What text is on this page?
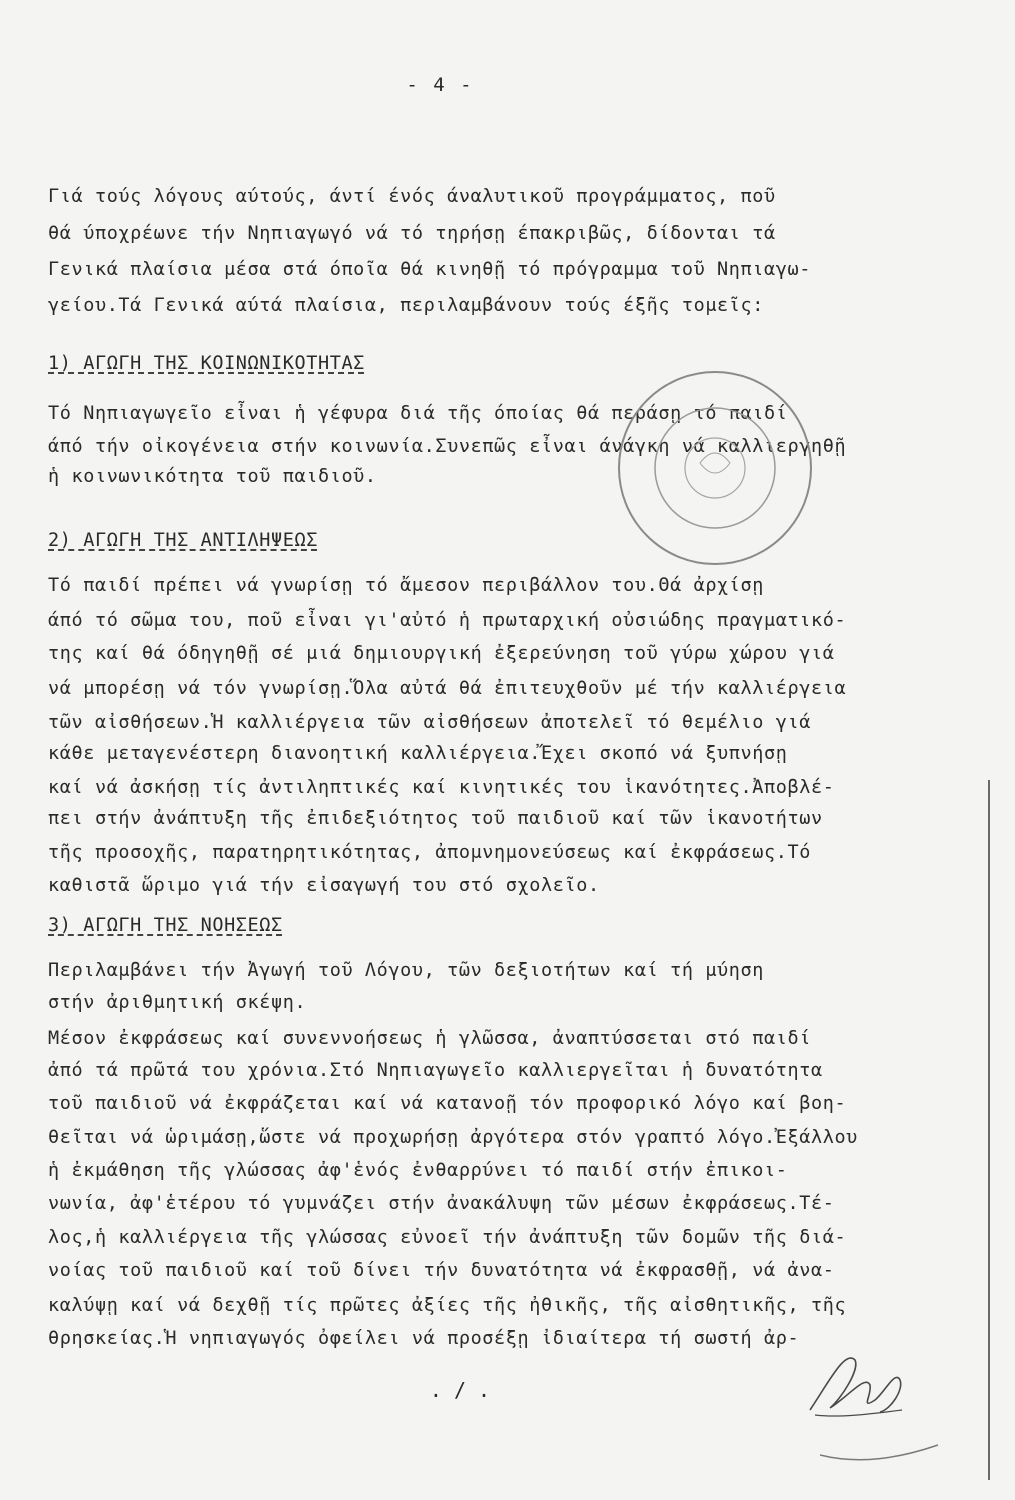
- 4 -
Γιά τούς λόγους αύτούς, άντί ένός άναλυτικοῦ προγράμματος, ποῦ
θά ύποχρέωνε τήν Νηπιαγωγό νά τό τηρήσῃ έπακριβῶς, δίδονται τά
Γενικά πλαίσια μέσα στά όποῖα θά κινηθῇ τό πρόγραμμα τοῦ Νηπιαγω-
γείου.Τά Γενικά αύτά πλαίσια, περιλαμβάνουν τούς έξῆς τομεῖς:
1) ΑΓΩΓΗ ΤΗΣ ΚΟΙΝΩΝΙΚΟΤΗΤΑΣ
Τό Νηπιαγωγεῖο εἶναι ἡ γέφυρα διά τῆς όποίας θά περάσῃ τό παιδί
άπό τήν οἰκογένεια στήν κοινωνία.Συνεπῶς εἶναι άνάγκη νά καλλιεργηθῇ
ἡ κοινωνικότητα τοῦ παιδιοῦ.
2) ΑΓΩΓΗ ΤΗΣ ΑΝΤΙΛΗΨΕΩΣ
Τό παιδί πρέπει νά γνωρίσῃ τό ἄμεσον περιβάλλον του.Θά ἀρχίσῃ
άπό τό σῶμα του, ποῦ εἶναι γι'αὐτό ἡ πρωταρχική οὐσιώδης πραγματικό-
της καί θά όδηγηθῇ σέ μιά δημιουργική ἐξερεύνηση τοῦ γύρω χώρου γιά
νά μπορέσῃ νά τόν γνωρίσῃ.Ὅλα αὐτά θά ἐπιτευχθοῦν μέ τήν καλλιέργεια
τῶν αἰσθήσεων.Ἡ καλλιέργεια τῶν αἰσθήσεων ἀποτελεῖ τό θεμέλιο γιά
κάθε μεταγενέστερη διανοητική καλλιέργεια.Ἔχει σκοπό νά ξυπνήσῃ
καί νά ἀσκήσῃ τίς ἀντιληπτικές καί κινητικές του ἱκανότητες.Ἀποβλέ-
πει στήν ἀνάπτυξη τῆς ἐπιδεξιότητος τοῦ παιδιοῦ καί τῶν ἱκανοτήτων
τῆς προσοχῆς, παρατηρητικότητας, ἀπομνημονεύσεως καί ἐκφράσεως.Τό
καθιστᾶ ὥριμο γιά τήν εἰσαγωγή του στό σχολεῖο.
3) ΑΓΩΓΗ ΤΗΣ ΝΟΗΣΕΩΣ
Περιλαμβάνει τήν Ἀγωγή τοῦ Λόγου, τῶν δεξιοτήτων καί τή μύηση
στήν ἀριθμητική σκέψη.
Μέσον ἐκφράσεως καί συνεννοήσεως ἡ γλῶσσα, ἀναπτύσσεται στό παιδί
ἀπό τά πρῶτά του χρόνια.Στό Νηπιαγωγεῖο καλλιεργεῖται ἡ δυνατότητα
τοῦ παιδιοῦ νά ἐκφράζεται καί νά κατανοῇ τόν προφορικό λόγο καί βοη-
θεῖται νά ὡριμάσῃ,ὥστε νά προχωρήσῃ ἀργότερα στόν γραπτό λόγο.Ἐξάλλου
ἡ ἐκμάθηση τῆς γλώσσας ἀφ'ἑνός ἐνθαρρύνει τό παιδί στήν ἐπικοι-
νωνία, ἀφ'ἑτέρου τό γυμνάζει στήν ἀνακάλυψη τῶν μέσων ἐκφράσεως.Τέ-
λος,ἡ καλλιέργεια τῆς γλώσσας εὐνοεῖ τήν ἀνάπτυξη τῶν δομῶν τῆς διά-
νοίας τοῦ παιδιοῦ καί τοῦ δίνει τήν δυνατότητα νά ἐκφρασθῇ, νά ἀνα-
καλύψῃ καί νά δεχθῇ τίς πρῶτες ἀξίες τῆς ἠθικῆς, τῆς αἰσθητικῆς, τῆς
θρησκείας.Ἡ νηπιαγωγός ὀφείλει νά προσέξῃ ἰδιαίτερα τή σωστή ἀρ-
. / .
